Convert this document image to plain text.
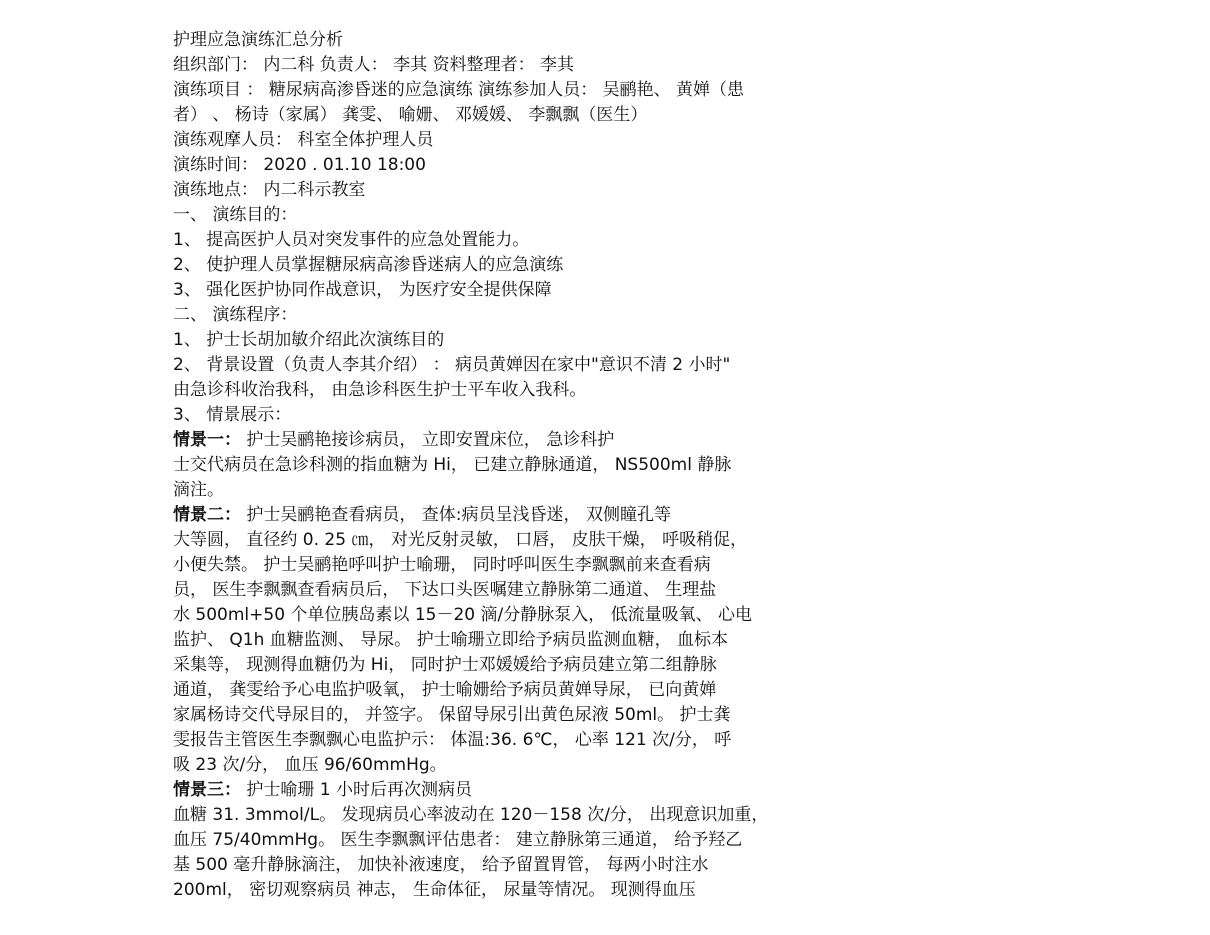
护理应急演练汇总分析
组织部门： 内二科 负责人： 李其 资料整理者： 李其
演练项目 ： 糖尿病高渗昏迷的应急演练 演练参加人员： 吴鹂艳、 黄婵（患
者） 、 杨诗（家属） 龚雯、 喻姗、 邓媛媛、 李飘飘（医生）
演练观摩人员： 科室全体护理人员
演练时间： 2020 . 01.10 18:00
演练地点： 内二科示教室
一、 演练目的：
1、 提高医护人员对突发事件的应急处置能力。
2、 使护理人员掌握糖尿病高渗昏迷病人的应急演练
3、 强化医护协同作战意识， 为医疗安全提供保障
二、 演练程序：
1、 护士长胡加敏介绍此次演练目的
2、 背景设置（负责人李其介绍） ： 病员黄婵因在家中"意识不清 2 小时"
由急诊科收治我科， 由急诊科医生护士平车收入我科。
3、 情景展示：
情景一： 护士吴鹂艳接诊病员， 立即安置床位， 急诊科护
士交代病员在急诊科测的指血糖为 Hi， 已建立静脉通道， NS500ml 静脉
滴注。
情景二： 护士吴鹂艳查看病员， 查体:病员呈浅昏迷， 双侧瞳孔等
大等圆， 直径约 0. 25 ㎝， 对光反射灵敏， 口唇， 皮肤干燥， 呼吸稍促，
小便失禁。 护士吴鹂艳呼叫护士喻珊， 同时呼叫医生李飘飘前来查看病
员， 医生李飘飘查看病员后， 下达口头医嘱建立静脉第二通道、 生理盐
水 500ml+50 个单位胰岛素以 15－20 滴/分静脉泵入， 低流量吸氧、 心电
监护、 Q1h 血糖监测、 导尿。 护士喻珊立即给予病员监测血糖， 血标本
采集等， 现测得血糖仍为 Hi， 同时护士邓媛媛给予病员建立第二组静脉
通道， 龚雯给予心电监护吸氧， 护士喻姗给予病员黄婵导尿， 已向黄婵
家属杨诗交代导尿目的， 并签字。 保留导尿引出黄色尿液 50ml。 护士龚
雯报告主管医生李飘飘心电监护示： 体温:36. 6℃， 心率 121 次/分， 呼
吸 23 次/分， 血压 96/60mmHg。
情景三： 护士喻珊 1 小时后再次测病员
血糖 31. 3mmol/L。 发现病员心率波动在 120－158 次/分， 出现意识加重，
血压 75/40mmHg。 医生李飘飘评估患者： 建立静脉第三通道， 给予羟乙
基 500 毫升静脉滴注， 加快补液速度， 给予留置胃管， 每两小时注水
200ml， 密切观察病员 神志， 生命体征， 尿量等情况。 现测得血压
